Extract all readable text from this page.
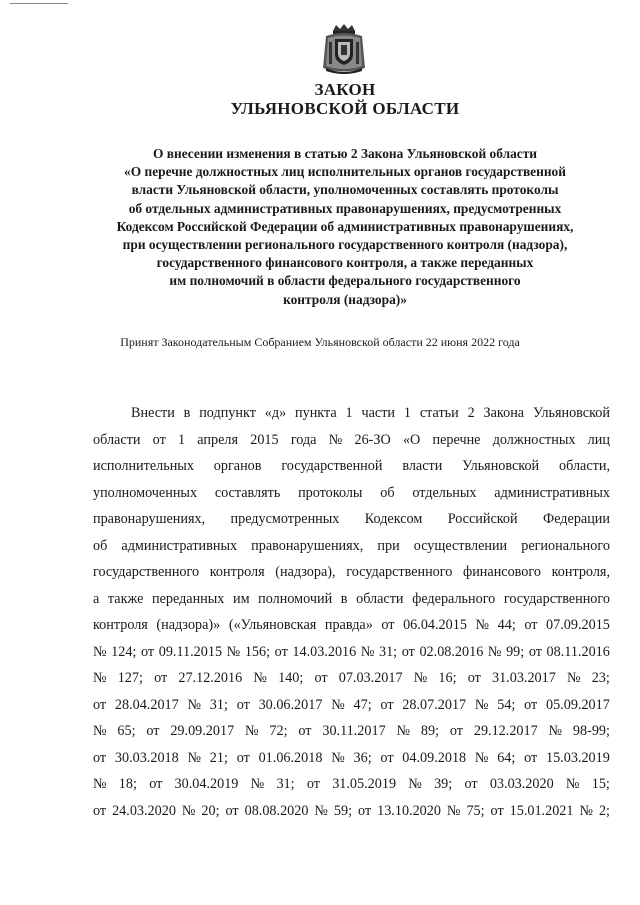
ЗАКОН
УЛЬЯНОВСКОЙ ОБЛАСТИ
О внесении изменения в статью 2 Закона Ульяновской области
«О перечне должностных лиц исполнительных органов государственной
власти Ульяновской области, уполномоченных составлять протоколы
об отдельных административных правонарушениях, предусмотренных
Кодексом Российской Федерации об административных правонарушениях,
при осуществлении регионального государственного контроля (надзора),
государственного финансового контроля, а также переданных
им полномочий в области федерального государственного
контроля (надзора)»
Принят Законодательным Собранием Ульяновской области 22 июня 2022 года
Внести в подпункт «д» пункта 1 части 1 статьи 2 Закона Ульяновской
области от 1 апреля 2015 года № 26-ЗО «О перечне должностных лиц
исполнительных органов государственной власти Ульяновской области,
уполномоченных составлять протоколы об отдельных административных
правонарушениях, предусмотренных Кодексом Российской Федерации
об административных правонарушениях, при осуществлении регионального
государственного контроля (надзора), государственного финансового контроля,
а также переданных им полномочий в области федерального государственного
контроля (надзора)» («Ульяновская правда» от 06.04.2015 № 44; от 07.09.2015
№ 124; от 09.11.2015 № 156; от 14.03.2016 № 31; от 02.08.2016 № 99; от 08.11.2016
№ 127; от 27.12.2016 № 140; от 07.03.2017 № 16; от 31.03.2017 № 23;
от 28.04.2017 № 31; от 30.06.2017 № 47; от 28.07.2017 № 54; от 05.09.2017
№ 65; от 29.09.2017 № 72; от 30.11.2017 № 89; от 29.12.2017 № 98-99;
от 30.03.2018 № 21; от 01.06.2018 № 36; от 04.09.2018 № 64; от 15.03.2019
№ 18; от 30.04.2019 № 31; от 31.05.2019 № 39; от 03.03.2020 № 15;
от 24.03.2020 № 20; от 08.08.2020 № 59; от 13.10.2020 № 75; от 15.01.2021 № 2;
